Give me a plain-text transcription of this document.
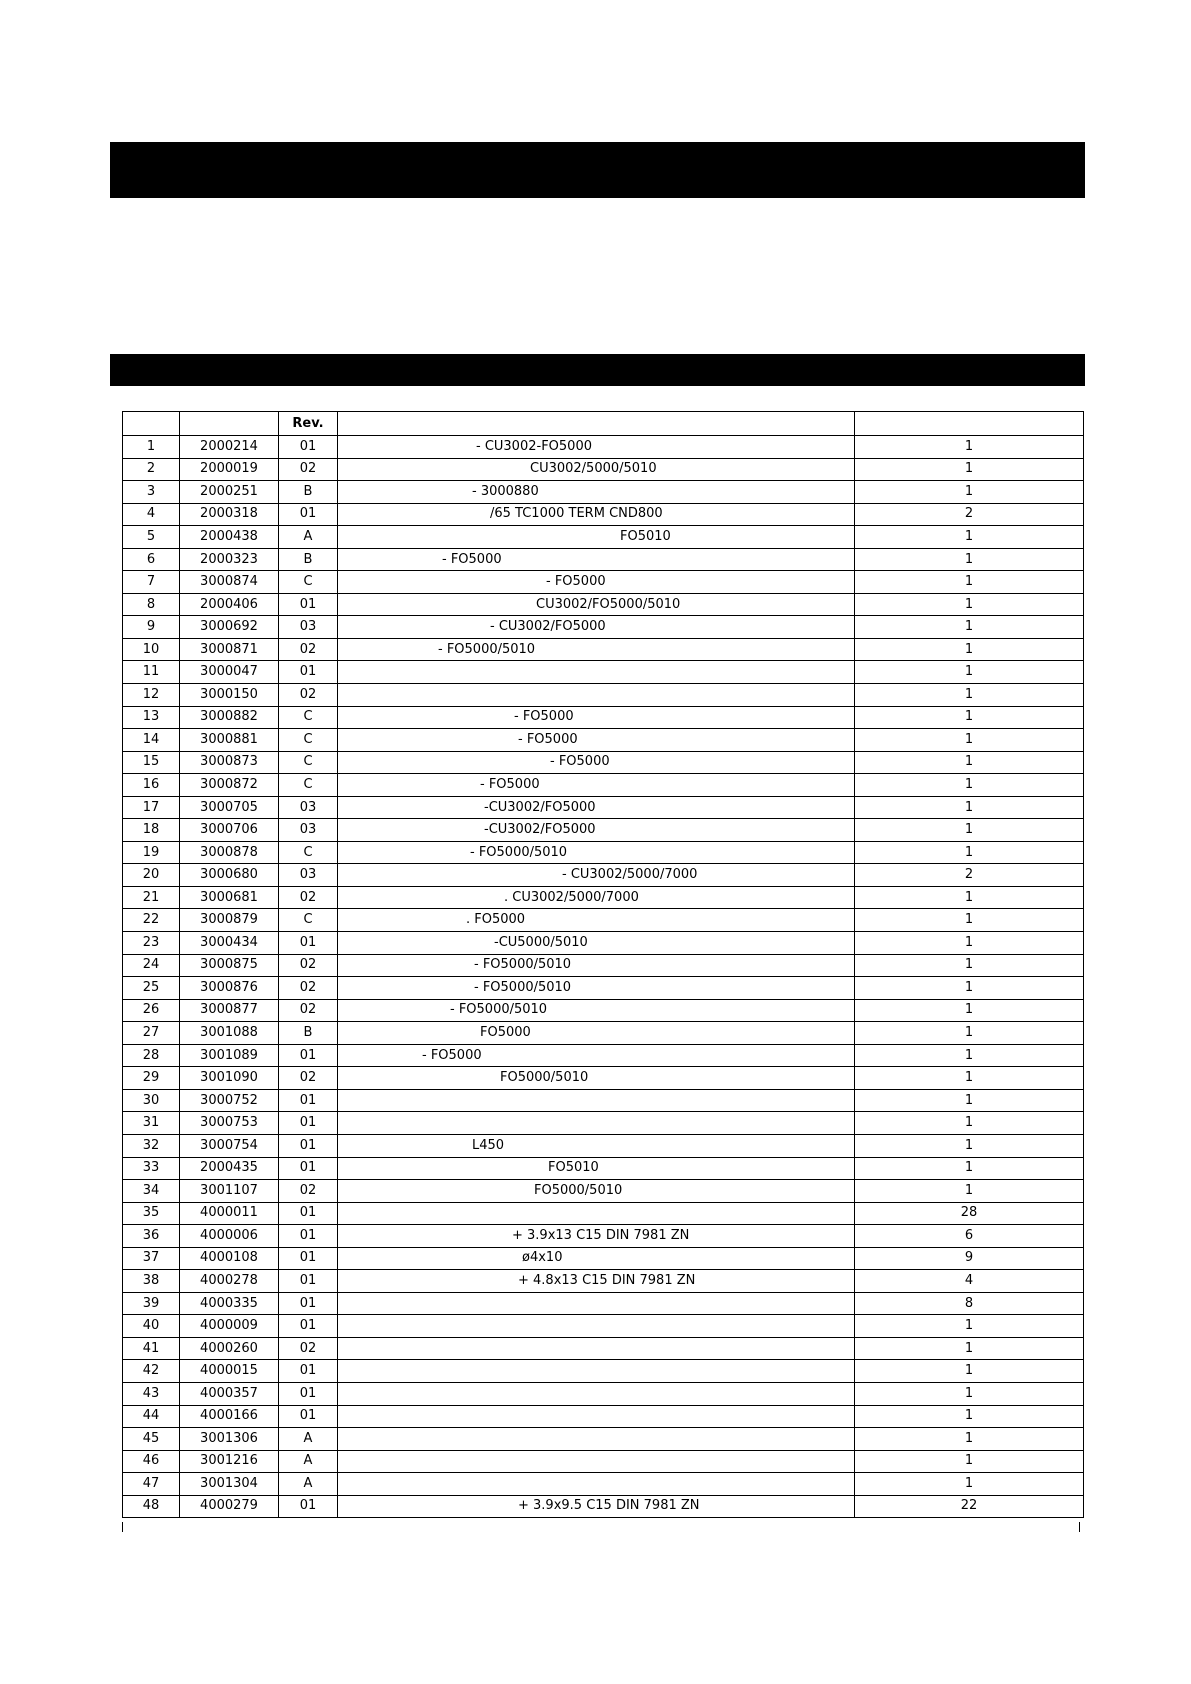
		Rev.		
1	2000214	01	- CU3002-FO5000	1
2	2000019	02	CU3002/5000/5010	1
3	2000251	B	- 3000880	1
4	2000318	01	/65 TC1000 TERM CND800	2
5	2000438	A	FO5010	1
6	2000323	B	- FO5000	1
7	3000874	C	- FO5000	1
8	2000406	01	CU3002/FO5000/5010	1
9	3000692	03	- CU3002/FO5000	1
10	3000871	02	- FO5000/5010	1
11	3000047	01		1
12	3000150	02		1
13	3000882	C	- FO5000	1
14	3000881	C	- FO5000	1
15	3000873	C	- FO5000	1
16	3000872	C	- FO5000	1
17	3000705	03	-CU3002/FO5000	1
18	3000706	03	-CU3002/FO5000	1
19	3000878	C	- FO5000/5010	1
20	3000680	03	- CU3002/5000/7000	2
21	3000681	02	. CU3002/5000/7000	1
22	3000879	C	. FO5000	1
23	3000434	01	-CU5000/5010	1
24	3000875	02	- FO5000/5010	1
25	3000876	02	- FO5000/5010	1
26	3000877	02	- FO5000/5010	1
27	3001088	B	FO5000	1
28	3001089	01	- FO5000	1
29	3001090	02	FO5000/5010	1
30	3000752	01		1
31	3000753	01		1
32	3000754	01	L450	1
33	2000435	01	FO5010	1
34	3001107	02	FO5000/5010	1
35	4000011	01		28
36	4000006	01	+ 3.9x13 C15 DIN 7981 ZN	6
37	4000108	01	ø4x10	9
38	4000278	01	+ 4.8x13 C15 DIN 7981 ZN	4
39	4000335	01		8
40	4000009	01		1
41	4000260	02		1
42	4000015	01		1
43	4000357	01		1
44	4000166	01		1
45	3001306	A		1
46	3001216	A		1
47	3001304	A		1
48	4000279	01	+ 3.9x9.5 C15 DIN 7981 ZN	22
